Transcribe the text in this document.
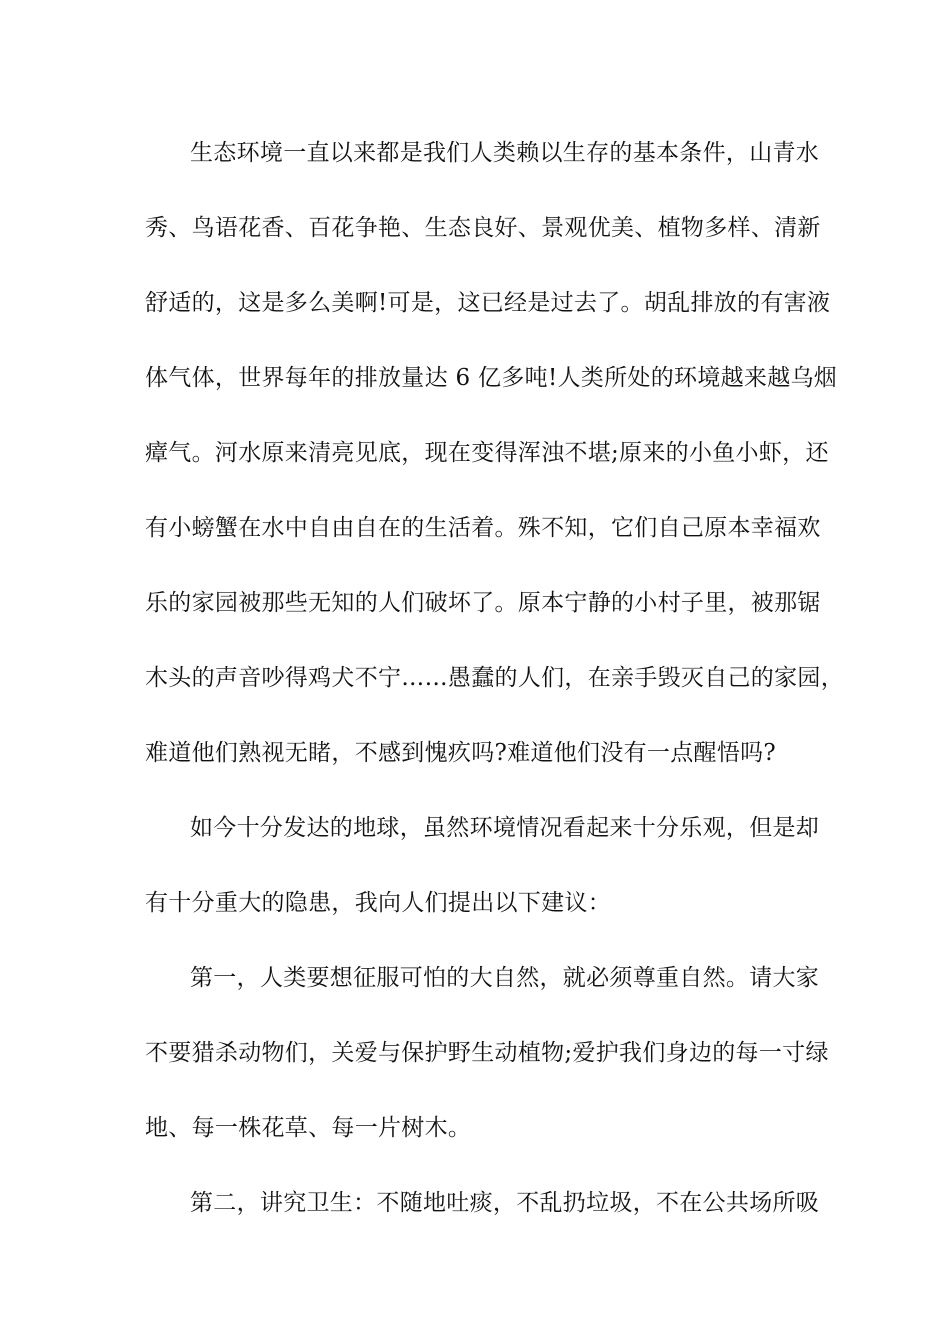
生态环境一直以来都是我们人类赖以生存的基本条件，山青水
秀、鸟语花香、百花争艳、生态良好、景观优美、植物多样、清新
舒适的，这是多么美啊!可是，这已经是过去了。胡乱排放的有害液
体气体，世界每年的排放量达 6 亿多吨!人类所处的环境越来越乌烟
瘴气。河水原来清亮见底，现在变得浑浊不堪;原来的小鱼小虾，还
有小螃蟹在水中自由自在的生活着。殊不知，它们自己原本幸福欢
乐的家园被那些无知的人们破坏了。原本宁静的小村子里，被那锯
木头的声音吵得鸡犬不宁……愚蠢的人们，在亲手毁灭自己的家园，
难道他们熟视无睹，不感到愧疚吗?难道他们没有一点醒悟吗?
如今十分发达的地球，虽然环境情况看起来十分乐观，但是却
有十分重大的隐患，我向人们提出以下建议：
第一，人类要想征服可怕的大自然，就必须尊重自然。请大家
不要猎杀动物们，关爱与保护野生动植物;爱护我们身边的每一寸绿
地、每一株花草、每一片树木。
第二，讲究卫生：不随地吐痰，不乱扔垃圾，不在公共场所吸
